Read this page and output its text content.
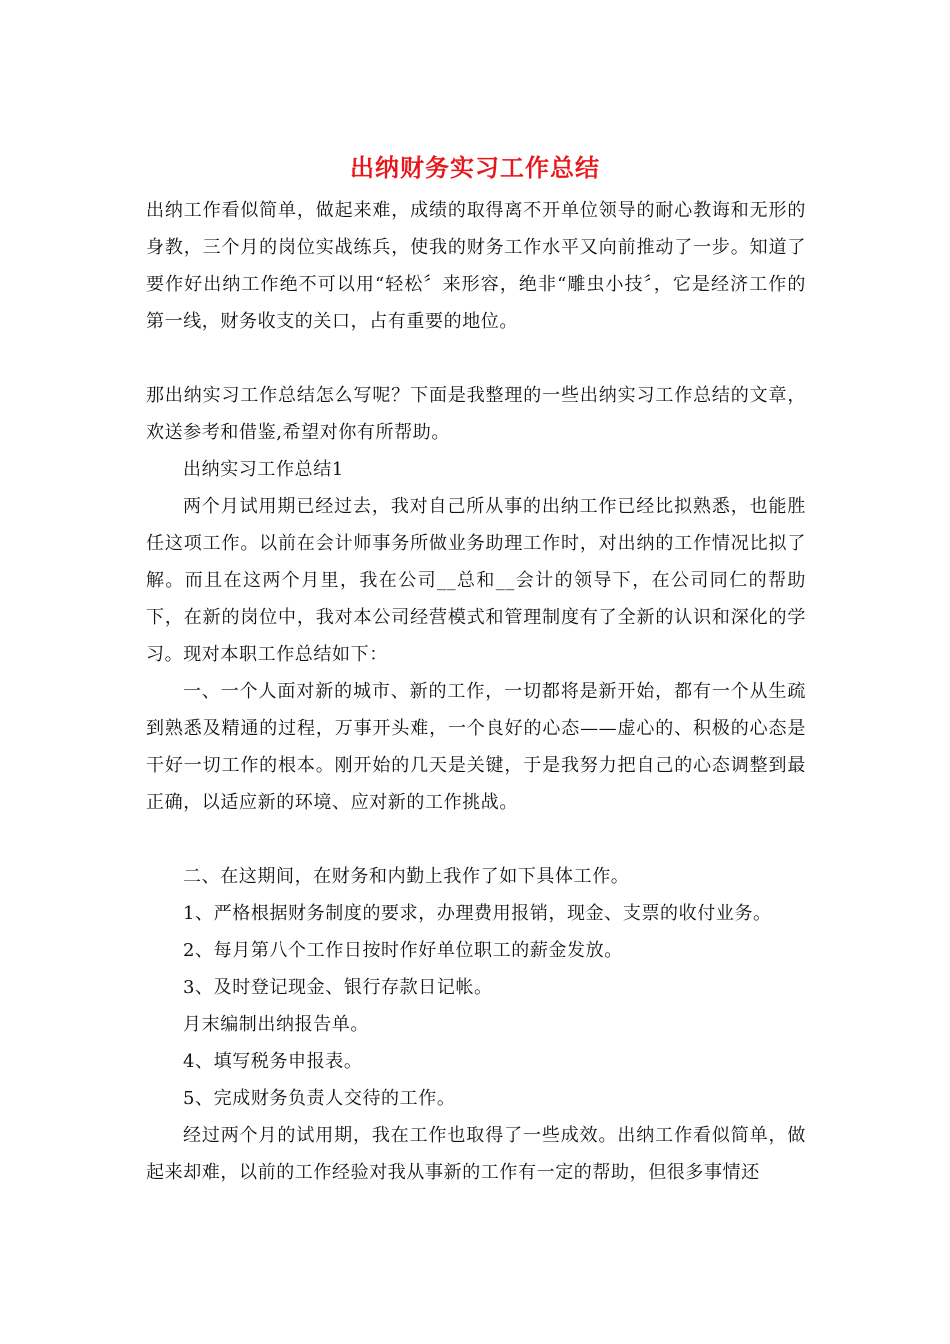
出纳财务实习工作总结

出纳工作看似简单，做起来难，成绩的取得离不开单位领导的耐心教诲和无形的身教，三个月的岗位实战练兵，使我的财务工作水平又向前推动了一步。知道了要作好出纳工作绝不可以用“轻松〞来形容，绝非“雕虫小技〞，它是经济工作的第一线，财务收支的关口，占有重要的地位。

那出纳实习工作总结怎么写呢？下面是我整理的一些出纳实习工作总结的文章，欢送参考和借鉴,希望对你有所帮助。

出纳实习工作总结1

两个月试用期已经过去，我对自己所从事的出纳工作已经比拟熟悉，也能胜任这项工作。以前在会计师事务所做业务助理工作时，对出纳的工作情况比拟了解。而且在这两个月里，我在公司__总和__会计的领导下，在公司同仁的帮助下，在新的岗位中，我对本公司经营模式和管理制度有了全新的认识和深化的学习。现对本职工作总结如下：

一、一个人面对新的城市、新的工作，一切都将是新开始，都有一个从生疏到熟悉及精通的过程，万事开头难，一个良好的心态——虚心的、积极的心态是干好一切工作的根本。刚开始的几天是关键，于是我努力把自己的心态调整到最正确，以适应新的环境、应对新的工作挑战。

二、在这期间，在财务和内勤上我作了如下具体工作。

1、严格根据财务制度的要求，办理费用报销，现金、支票的收付业务。

2、每月第八个工作日按时作好单位职工的薪金发放。

3、及时登记现金、银行存款日记帐。

月末编制出纳报告单。

4、填写税务申报表。

5、完成财务负责人交待的工作。

经过两个月的试用期，我在工作也取得了一些成效。出纳工作看似简单，做起来却难，以前的工作经验对我从事新的工作有一定的帮助，但很多事情还
